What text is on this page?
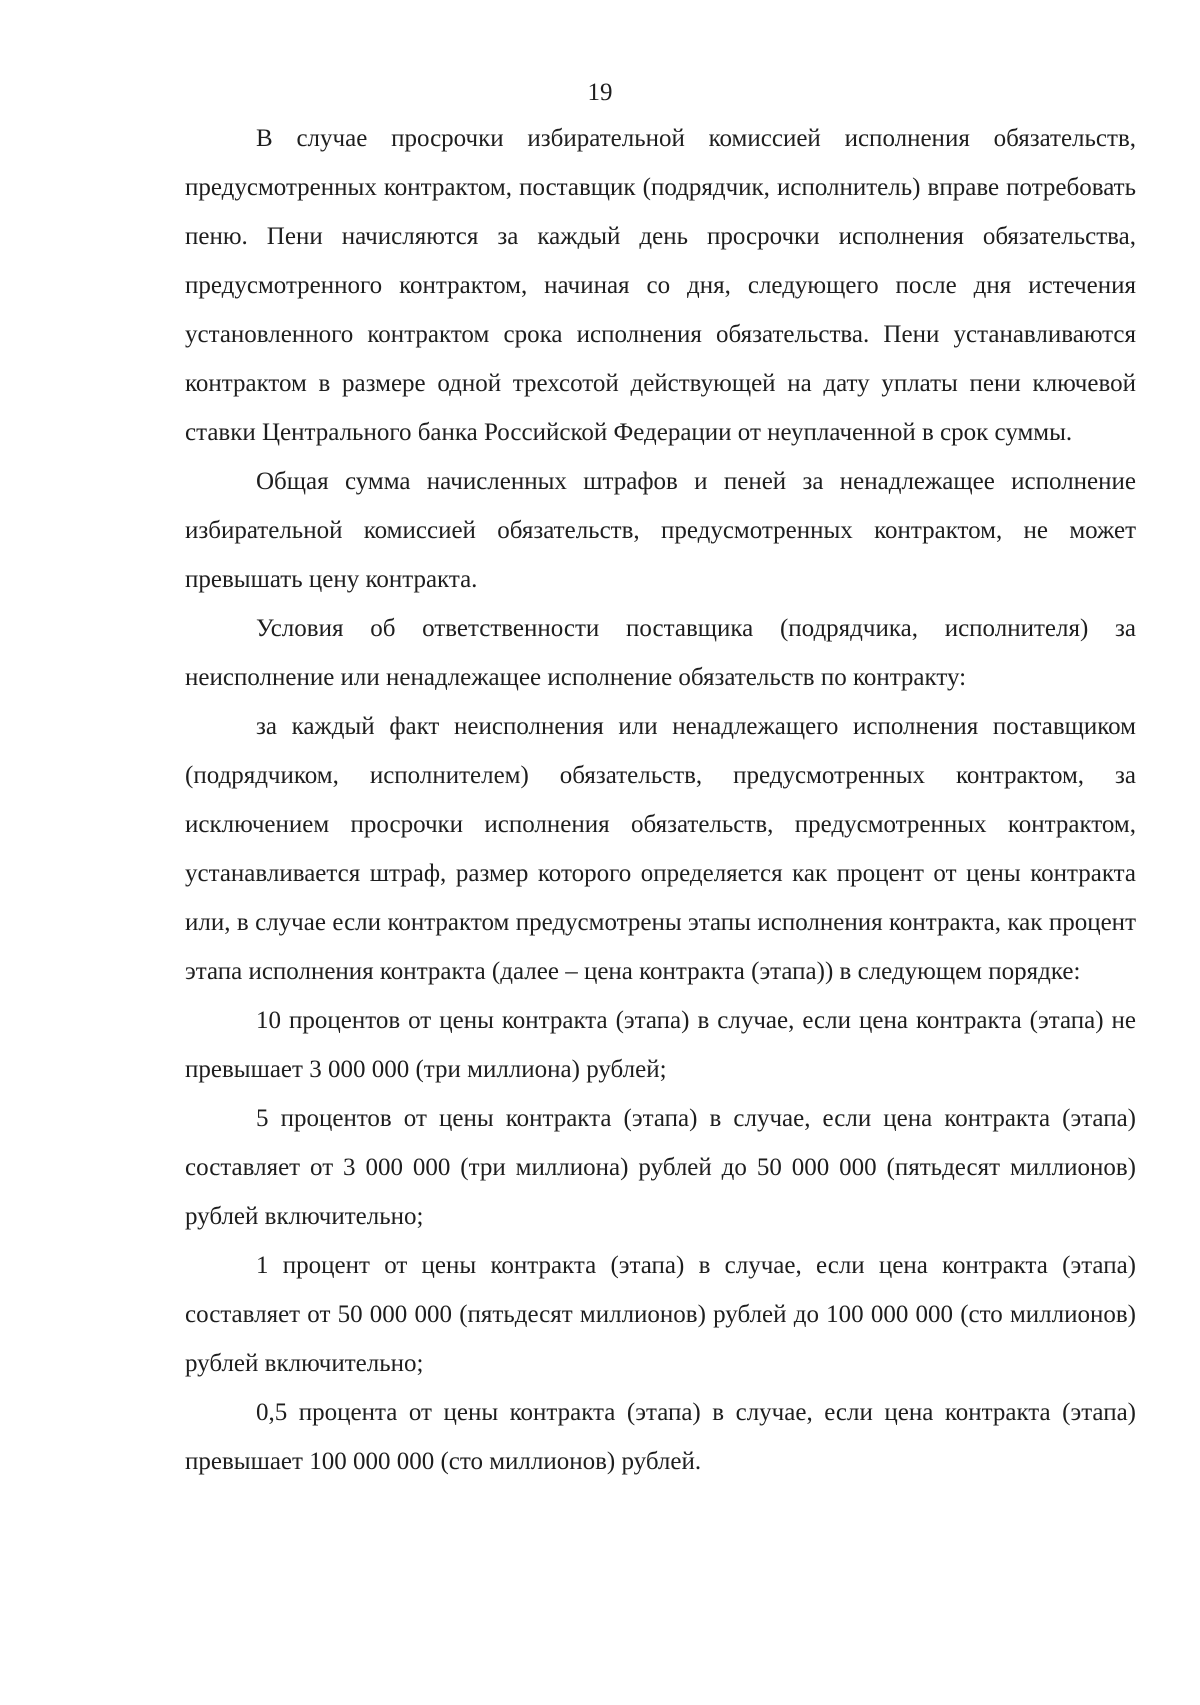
19

В случае просрочки избирательной комиссией исполнения обязательств, предусмотренных контрактом, поставщик (подрядчик, исполнитель) вправе потребовать пеню. Пени начисляются за каждый день просрочки исполнения обязательства, предусмотренного контрактом, начиная со дня, следующего после дня истечения установленного контрактом срока исполнения обязательства. Пени устанавливаются контрактом в размере одной трехсотой действующей на дату уплаты пени ключевой ставки Центрального банка Российской Федерации от неуплаченной в срок суммы.

Общая сумма начисленных штрафов и пеней за ненадлежащее исполнение избирательной комиссией обязательств, предусмотренных контрактом, не может превышать цену контракта.

Условия об ответственности поставщика (подрядчика, исполнителя) за неисполнение или ненадлежащее исполнение обязательств по контракту:

за каждый факт неисполнения или ненадлежащего исполнения поставщиком (подрядчиком, исполнителем) обязательств, предусмотренных контрактом, за исключением просрочки исполнения обязательств, предусмотренных контрактом, устанавливается штраф, размер которого определяется как процент от цены контракта или, в случае если контрактом предусмотрены этапы исполнения контракта, как процент этапа исполнения контракта (далее – цена контракта (этапа)) в следующем порядке:

10 процентов от цены контракта (этапа) в случае, если цена контракта (этапа) не превышает 3 000 000 (три миллиона) рублей;

5 процентов от цены контракта (этапа) в случае, если цена контракта (этапа) составляет от 3 000 000 (три миллиона) рублей до 50 000 000 (пятьдесят миллионов) рублей включительно;

1 процент от цены контракта (этапа) в случае, если цена контракта (этапа) составляет от 50 000 000 (пятьдесят миллионов) рублей до 100 000 000 (сто миллионов) рублей включительно;

0,5 процента от цены контракта (этапа) в случае, если цена контракта (этапа) превышает 100 000 000 (сто миллионов) рублей.
